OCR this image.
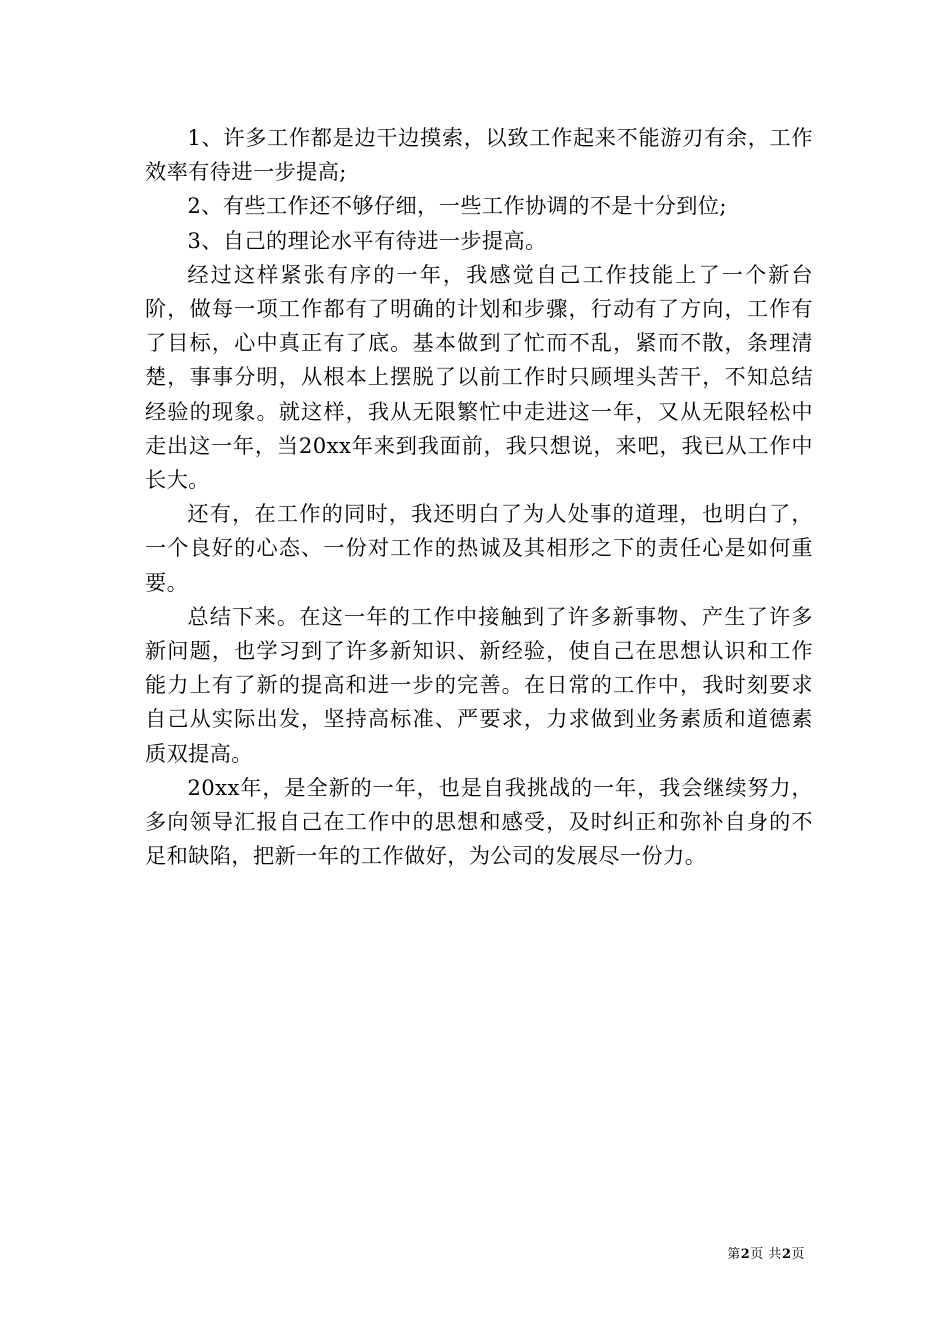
1、许多工作都是边干边摸索，以致工作起来不能游刃有余，工作效率有待进一步提高;

2、有些工作还不够仔细，一些工作协调的不是十分到位;

3、自己的理论水平有待进一步提高。

经过这样紧张有序的一年，我感觉自己工作技能上了一个新台阶，做每一项工作都有了明确的计划和步骤，行动有了方向，工作有了目标，心中真正有了底。基本做到了忙而不乱，紧而不散，条理清楚，事事分明，从根本上摆脱了以前工作时只顾埋头苦干，不知总结经验的现象。就这样，我从无限繁忙中走进这一年，又从无限轻松中走出这一年，当20xx年来到我面前，我只想说，来吧，我已从工作中长大。

还有，在工作的同时，我还明白了为人处事的道理，也明白了，一个良好的心态、一份对工作的热诚及其相形之下的责任心是如何重要。

总结下来。在这一年的工作中接触到了许多新事物、产生了许多新问题，也学习到了许多新知识、新经验，使自己在思想认识和工作能力上有了新的提高和进一步的完善。在日常的工作中，我时刻要求自己从实际出发，坚持高标准、严要求，力求做到业务素质和道德素质双提高。

20xx年，是全新的一年，也是自我挑战的一年，我会继续努力，多向领导汇报自己在工作中的思想和感受，及时纠正和弥补自身的不足和缺陷，把新一年的工作做好，为公司的发展尽一份力。

第2页 共2页
